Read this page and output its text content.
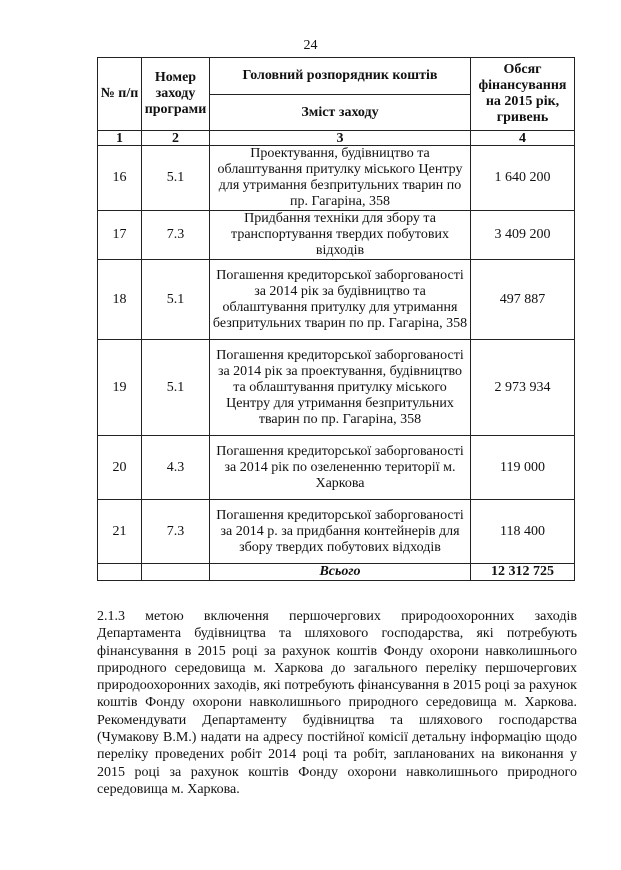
24
№ п/п	Номер заходу програми	Головний розпорядник коштів	Обсяг фінансування на 2015 рік, гривень
		Зміст заходу	
1	2	3	4
16	5.1	Проектування, будівництво та облаштування притулку міського Центру для утримання безпритульних тварин по пр. Гагаріна, 358	1 640 200
17	7.3	Придбання техніки для збору та транспортування твердих побутових відходів	3 409 200
18	5.1	Погашення кредиторської заборгованості за 2014 рік за будівництво та облаштування притулку для утримання безпритульних тварин по пр. Гагаріна, 358	497 887
19	5.1	Погашення кредиторської заборгованості за 2014 рік за проектування, будівництво та облаштування притулку міського Центру для утримання безпритульних тварин по пр. Гагаріна, 358	2 973 934
20	4.3	Погашення кредиторської заборгованості за 2014 рік по озелененню території м. Харкова	119 000
21	7.3	Погашення кредиторської заборгованості за 2014 р. за придбання контейнерів для збору твердих побутових відходів	118 400
		Всього	12 312 725
2.1.3 метою включення першочергових природоохоронних заходів Департамента будівництва та шляхового господарства, які потребують фінансування в 2015 році за рахунок коштів Фонду охорони навколишнього природного середовища м. Харкова до загального переліку першочергових природоохоронних заходів, які потребують фінансування в 2015 році за рахунок коштів Фонду охорони навколишнього природного середовища м. Харкова. Рекомендувати Департаменту будівництва та шляхового господарства (Чумакову В.М.) надати на адресу постійної комісії детальну інформацію щодо переліку проведених робіт 2014 році та робіт, запланованих на виконання у 2015 році за рахунок коштів Фонду охорони навколишнього природного середовища м. Харкова.
